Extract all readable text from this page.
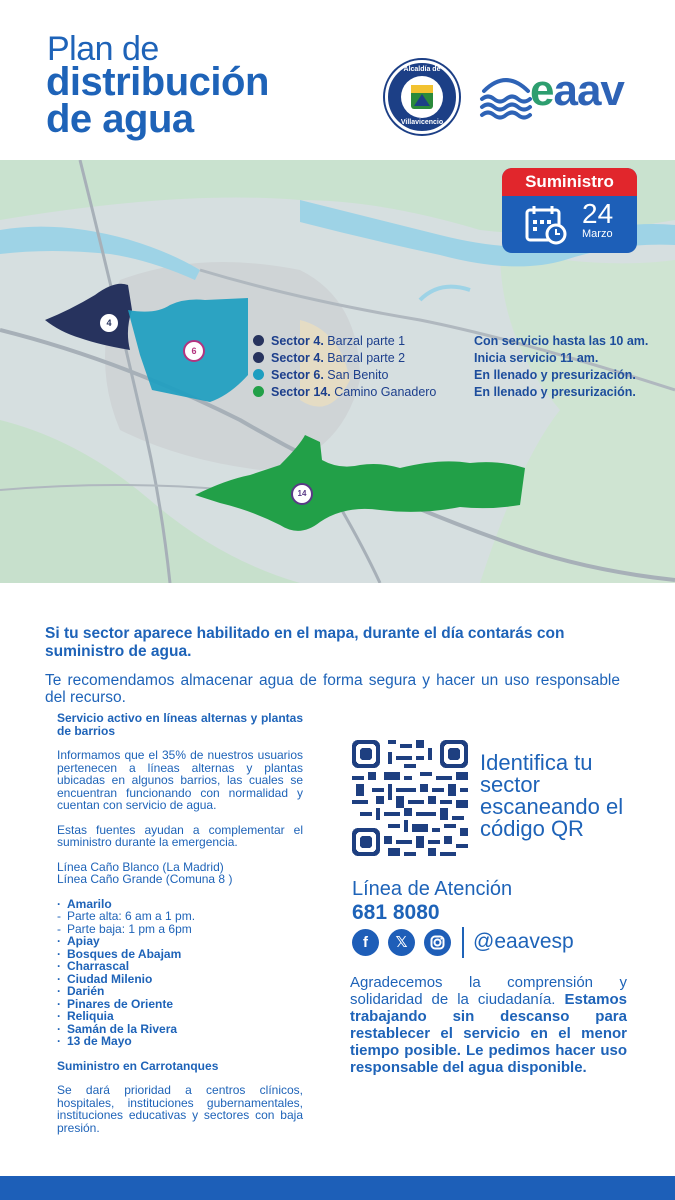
Plan de
distribución
de agua
Alcaldía de
Villavicencio
eaav
4
6
14
Suministro
24
Marzo
Sector 4. Barzal parte 1
Sector 4. Barzal parte 2
Sector 6. San Benito
Sector 14. Camino Ganadero
Con servicio hasta las 10 am.
Inicia servicio 11 am.
En llenado y presurización.
En llenado y presurización.
Si tu sector aparece habilitado en el mapa, durante el día contarás con suministro de agua.
Te recomendamos almacenar agua de forma segura y hacer un uso responsable del recurso.
Servicio activo en líneas alternas y plantas de barrios
Informamos que el 35% de nuestros usuarios pertenecen a líneas alternas y plantas ubicadas en algunos barrios, las cuales se encuentran funcionando con normalidad y cuentan con servicio de agua.
Estas fuentes ayudan a complementar el suministro durante la emergencia.
Línea Caño Blanco (La Madrid)
Línea Caño Grande (Comuna 8 )
· Amarilo
- Parte alta: 6 am a 1 pm.
- Parte baja: 1 pm a 6pm
· Apiay
· Bosques de Abajam
· Charrascal
· Ciudad Milenio
· Darién
· Pinares de Oriente
· Reliquia
· Samán de la Rivera
· 13 de Mayo
Suministro en Carrotanques
Se dará prioridad a centros clínicos, hospitales, instituciones gubernamentales, instituciones educativas y sectores con baja presión.
Identifica tu sector escaneando el código QR
Línea de Atención
681 8080
f	𝕏	@eaavesp
Agradecemos la comprensión y solidaridad de la ciudadanía. Estamos trabajando sin descanso para restablecer el servicio en el menor tiempo posible. Le pedimos hacer uso responsable del agua disponible.
